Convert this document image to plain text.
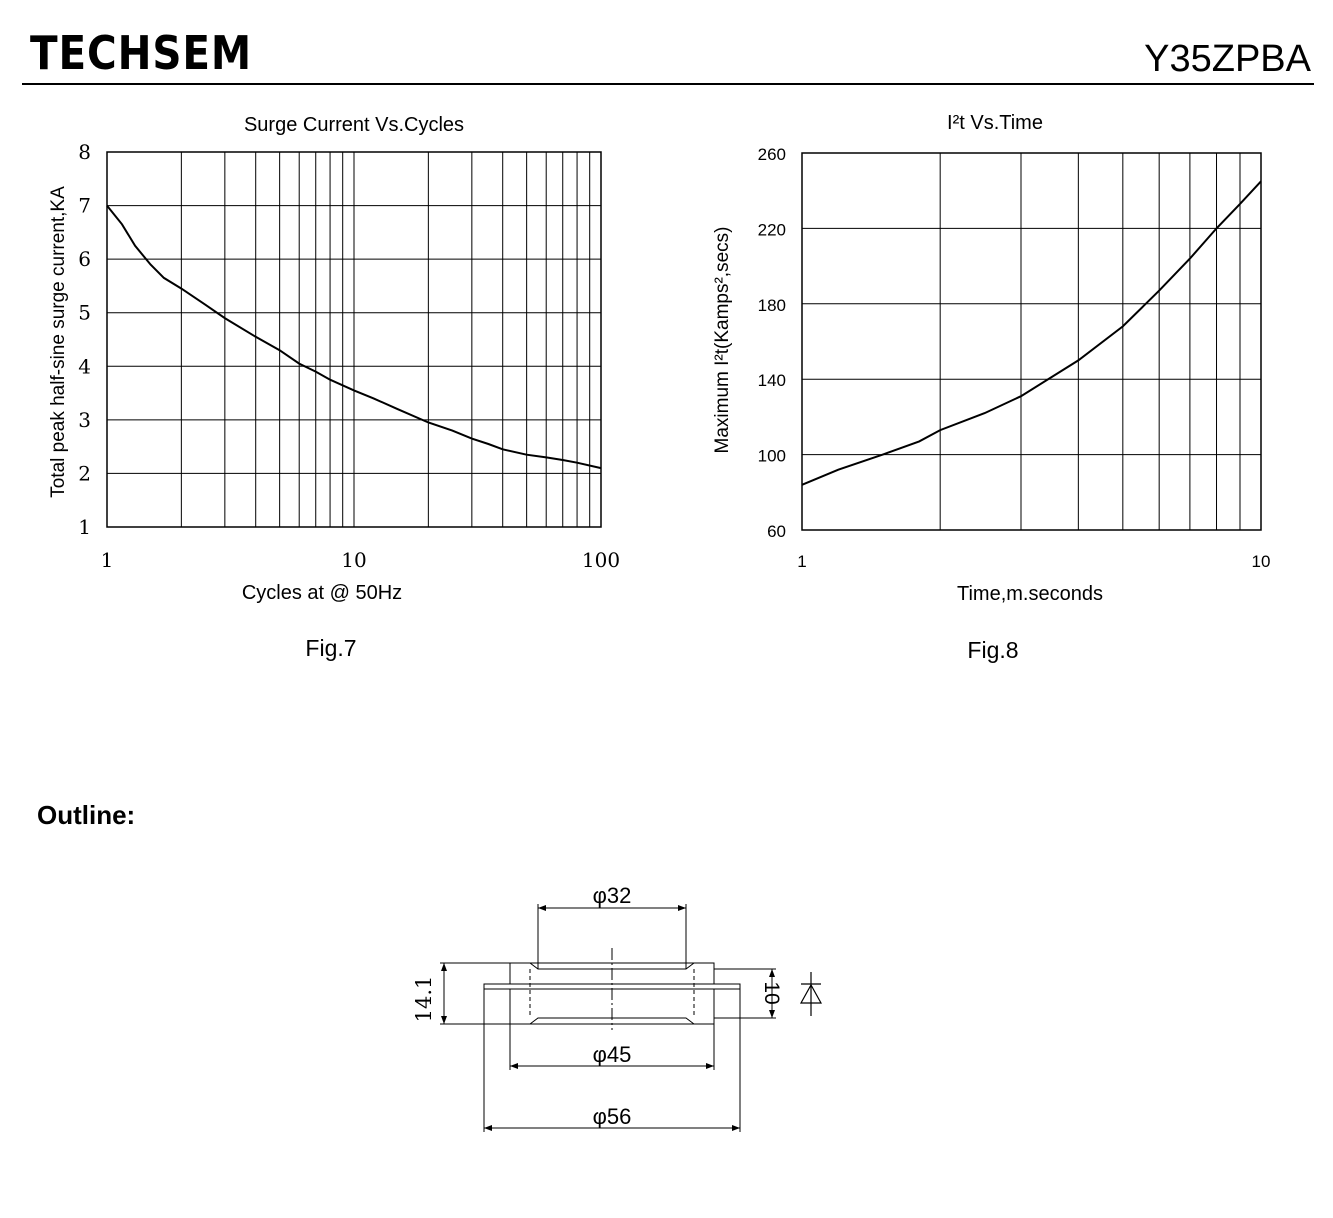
TECHSEM	Y35ZPBA
Surge Current Vs.Cycles
1
2
3
4
5
6
7
8
1	10	100
Cycles at @ 50Hz
Total peak half-sine surge current,KA
Fig.7
I²t Vs.Time
60
100
140
180
220
260
1	10
Time,m.seconds
Maximum I²t(Kamps²,secs)
Fig.8
Outline:
φ32
φ45
φ56
14.1	10
